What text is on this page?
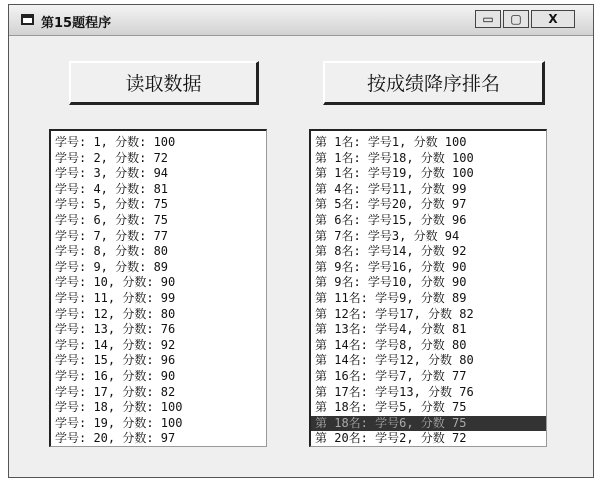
第15题程序	▭	▢	X
读取数据	按成绩降序排名
学号: 1, 分数: 100
学号: 2, 分数: 72
学号: 3, 分数: 94
学号: 4, 分数: 81
学号: 5, 分数: 75
学号: 6, 分数: 75
学号: 7, 分数: 77
学号: 8, 分数: 80
学号: 9, 分数: 89
学号: 10, 分数: 90
学号: 11, 分数: 99
学号: 12, 分数: 80
学号: 13, 分数: 76
学号: 14, 分数: 92
学号: 15, 分数: 96
学号: 16, 分数: 90
学号: 17, 分数: 82
学号: 18, 分数: 100
学号: 19, 分数: 100
学号: 20, 分数: 97
第 1名: 学号1, 分数 100
第 1名: 学号18, 分数 100
第 1名: 学号19, 分数 100
第 4名: 学号11, 分数 99
第 5名: 学号20, 分数 97
第 6名: 学号15, 分数 96
第 7名: 学号3, 分数 94
第 8名: 学号14, 分数 92
第 9名: 学号16, 分数 90
第 9名: 学号10, 分数 90
第 11名: 学号9, 分数 89
第 12名: 学号17, 分数 82
第 13名: 学号4, 分数 81
第 14名: 学号8, 分数 80
第 14名: 学号12, 分数 80
第 16名: 学号7, 分数 77
第 17名: 学号13, 分数 76
第 18名: 学号5, 分数 75
第 18名: 学号6, 分数 75
第 20名: 学号2, 分数 72
